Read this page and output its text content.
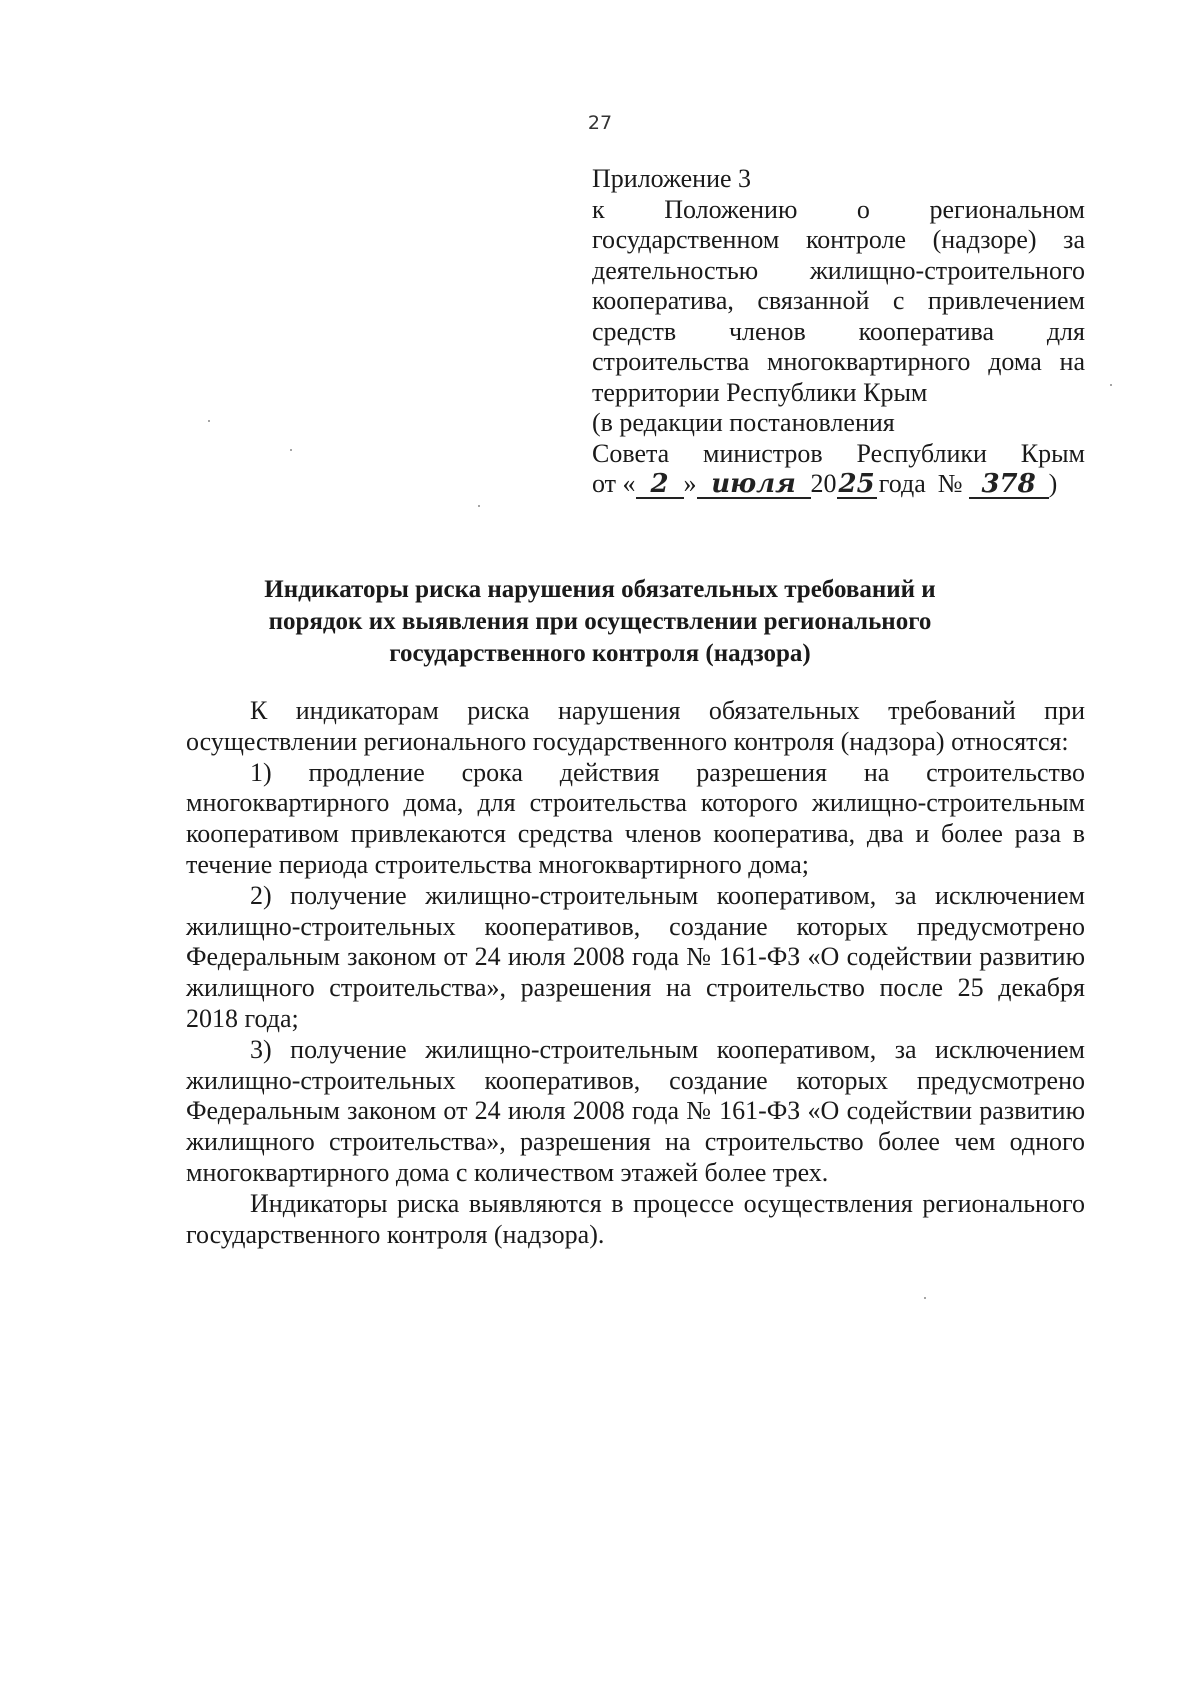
27
Приложение 3
к Положению о региональном
государственном контроле (надзоре) за
деятельностью жилищно-строительного
кооператива, связанной с привлечением
средств членов кооператива для
строительства многоквартирного дома на
территории Республики Крым
(в редакции постановления
Совета министров Республики Крым
от « 2 » июля 20 25 года № 378 )
Индикаторы риска нарушения обязательных требований и
порядок их выявления при осуществлении регионального
государственного контроля (надзора)

К индикаторам риска нарушения обязательных требований при осуществлении регионального государственного контроля (надзора) относятся:

1) продление срока действия разрешения на строительство многоквартирного дома, для строительства которого жилищно-строительным кооперативом привлекаются средства членов кооператива, два и более раза в течение периода строительства многоквартирного дома;

2) получение жилищно-строительным кооперативом, за исключением жилищно-строительных кооперативов, создание которых предусмотрено Федеральным законом от 24 июля 2008 года № 161-ФЗ «О содействии развитию жилищного строительства», разрешения на строительство после 25 декабря 2018 года;

3) получение жилищно-строительным кооперативом, за исключением жилищно-строительных кооперативов, создание которых предусмотрено Федеральным законом от 24 июля 2008 года № 161-ФЗ «О содействии развитию жилищного строительства», разрешения на строительство более чем одного многоквартирного дома с количеством этажей более трех.

Индикаторы риска выявляются в процессе осуществления регионального государственного контроля (надзора).
